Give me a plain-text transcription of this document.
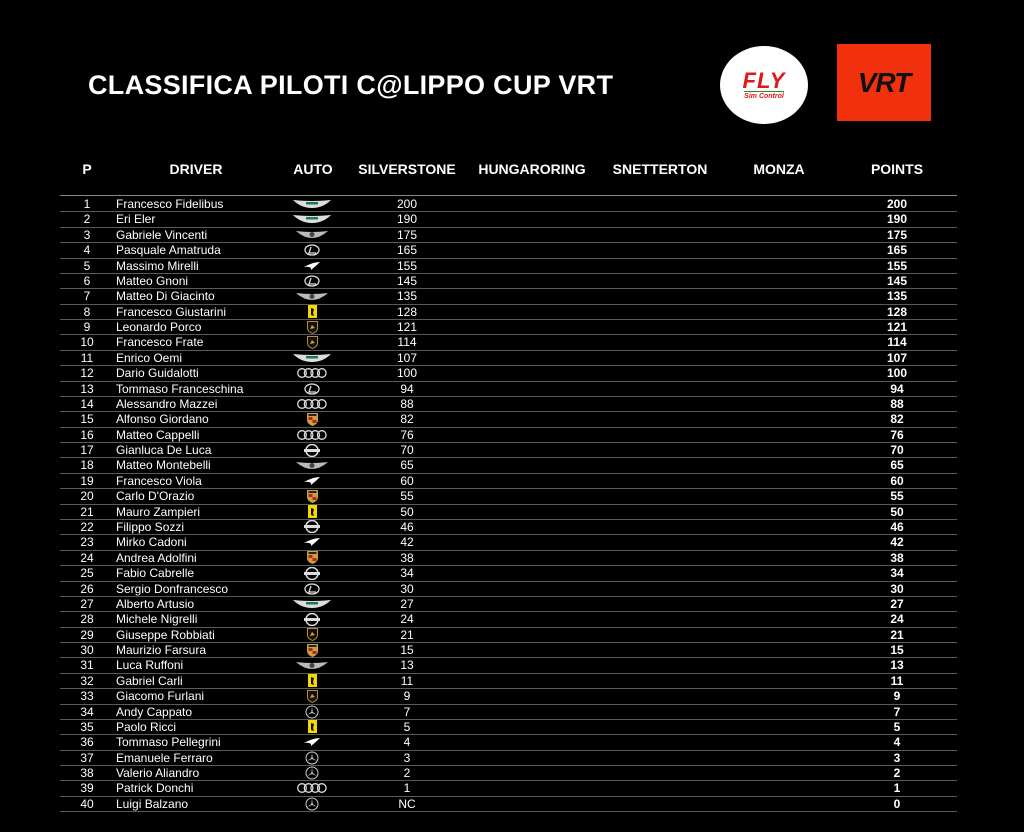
CLASSIFICA PILOTI C@LIPPO CUP VRT	FLY
Sim Control	VRT
P	DRIVER	AUTO SILVERSTONE HUNGARORING SNETTERTON	MONZA	POINTS
1 Francesco Fidelibus	200	200
2 Eri Eler	190	190
3 Gabriele Vincenti	175	175
4 Pasquale Amatruda	165	165
5 Massimo Mirelli	155	155
6 Matteo Gnoni	145	145
7 Matteo Di Giacinto	135	135
8 Francesco Giustarini	128	128
9 Leonardo Porco	121	121
10 Francesco Frate	114	114
11 Enrico Oemi	107	107
12 Dario Guidalotti	100	100
13 Tommaso Franceschina	94	94
14 Alessandro Mazzei	88	88
15 Alfonso Giordano	82	82
16 Matteo Cappelli	76	76
17 Gianluca De Luca	70	70
18 Matteo Montebelli	65	65
19 Francesco Viola	60	60
20 Carlo D'Orazio	55	55
21 Mauro Zampieri	50	50
22 Filippo Sozzi	46	46
23 Mirko Cadoni	42	42
24 Andrea Adolfini	38	38
25 Fabio Cabrelle	34	34
26 Sergio Donfrancesco	30	30
27 Alberto Artusio	27	27
28 Michele Nigrelli	24	24
29 Giuseppe Robbiati	21	21
30 Maurizio Farsura	15	15
31 Luca Ruffoni	13	13
32 Gabriel Carli	11	11
33 Giacomo Furlani	9	9
34 Andy Cappato	7	7
35 Paolo Ricci	5	5
36 Tommaso Pellegrini	4	4
37 Emanuele Ferraro	3	3
38 Valerio Aliandro	2	2
39 Patrick Donchi	1	1
40 Luigi Balzano	NC	0
